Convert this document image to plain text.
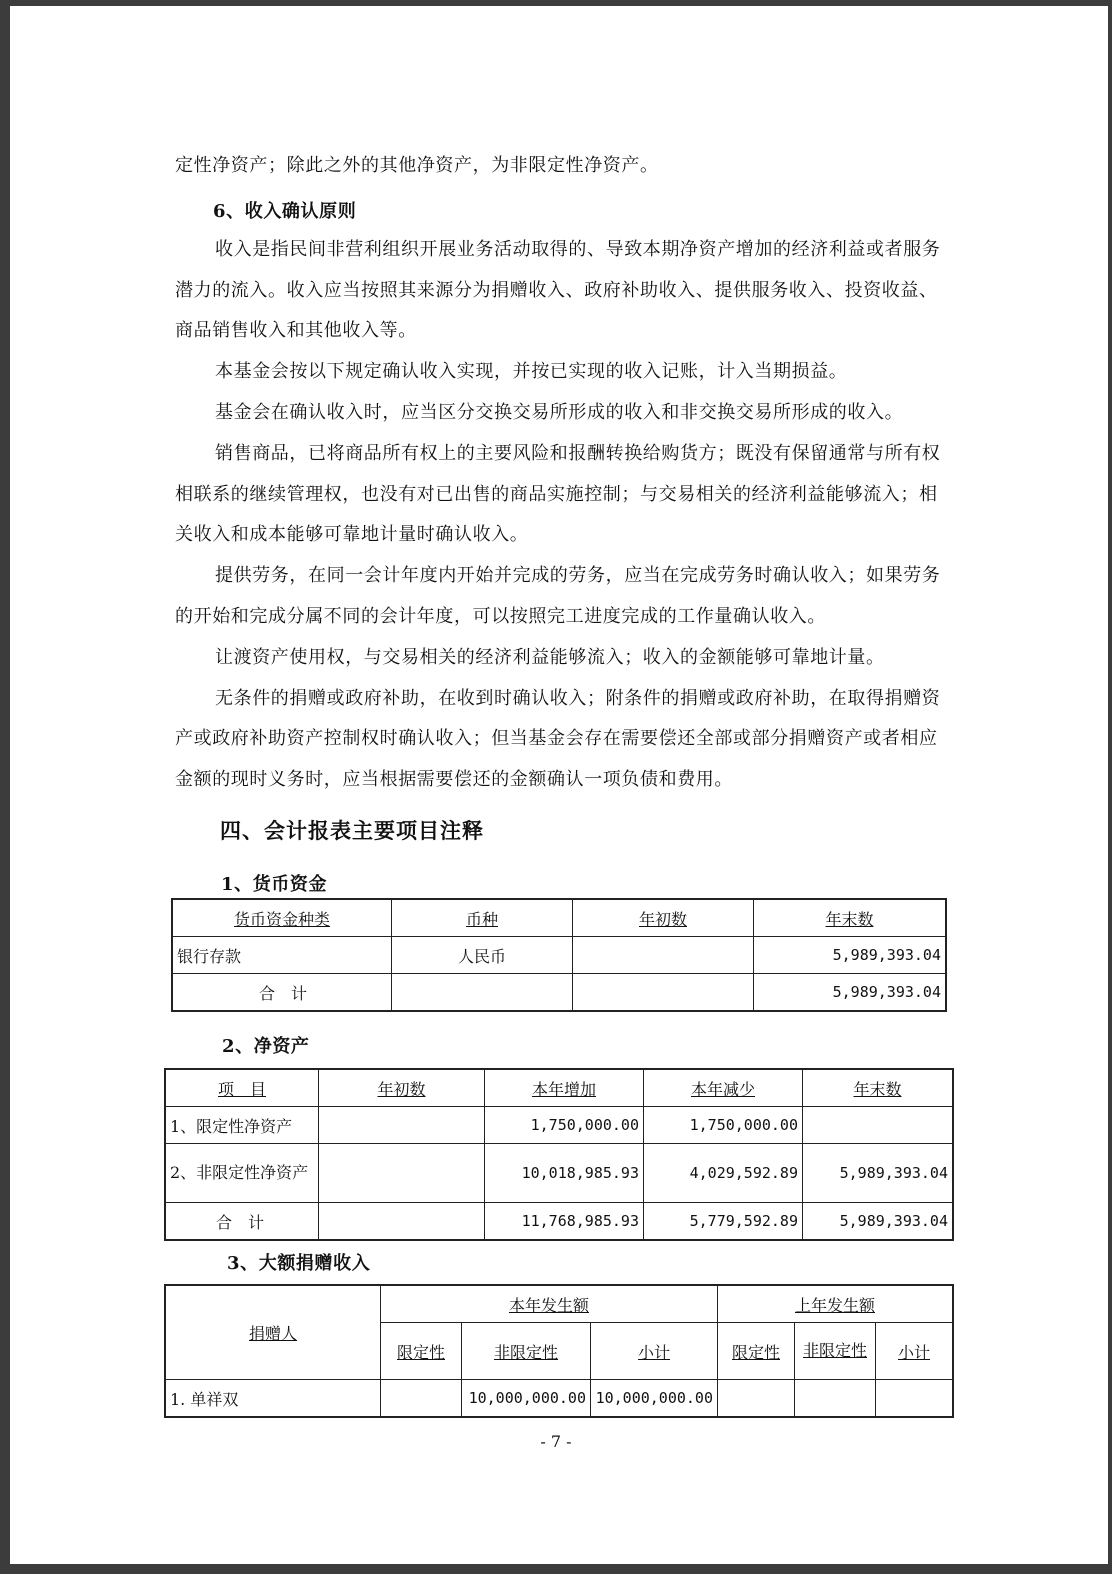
定性净资产；除此之外的其他净资产，为非限定性净资产。

6、收入确认原则

收入是指民间非营利组织开展业务活动取得的、导致本期净资产增加的经济利益或者服务潜力的流入。收入应当按照其来源分为捐赠收入、政府补助收入、提供服务收入、投资收益、商品销售收入和其他收入等。

本基金会按以下规定确认收入实现，并按已实现的收入记账，计入当期损益。

基金会在确认收入时，应当区分交换交易所形成的收入和非交换交易所形成的收入。

销售商品，已将商品所有权上的主要风险和报酬转换给购货方；既没有保留通常与所有权相联系的继续管理权，也没有对已出售的商品实施控制；与交易相关的经济利益能够流入；相关收入和成本能够可靠地计量时确认收入。

提供劳务，在同一会计年度内开始并完成的劳务，应当在完成劳务时确认收入；如果劳务的开始和完成分属不同的会计年度，可以按照完工进度完成的工作量确认收入。

让渡资产使用权，与交易相关的经济利益能够流入；收入的金额能够可靠地计量。

无条件的捐赠或政府补助，在收到时确认收入；附条件的捐赠或政府补助，在取得捐赠资产或政府补助资产控制权时确认收入；但当基金会存在需要偿还全部或部分捐赠资产或者相应金额的现时义务时，应当根据需要偿还的金额确认一项负债和费用。

四、会计报表主要项目注释
1、货币资金
货币资金种类	币种	年初数	年末数
银行存款	人民币		5,989,393.04
合　计			5,989,393.04
2、净资产
项　目	年初数	本年增加	本年减少	年末数
1、限定性净资产		1,750,000.00	1,750,000.00	
2、非限定性净资产		10,018,985.93	4,029,592.89	5,989,393.04
合　计		11,768,985.93	5,779,592.89	5,989,393.04
3、大额捐赠收入
捐赠人	本年发生额			上年发生额		
	限定性	非限定性	小计	限定性	非限定性	小计
1. 单祥双		10,000,000.00	10,000,000.00			
- 7 -
